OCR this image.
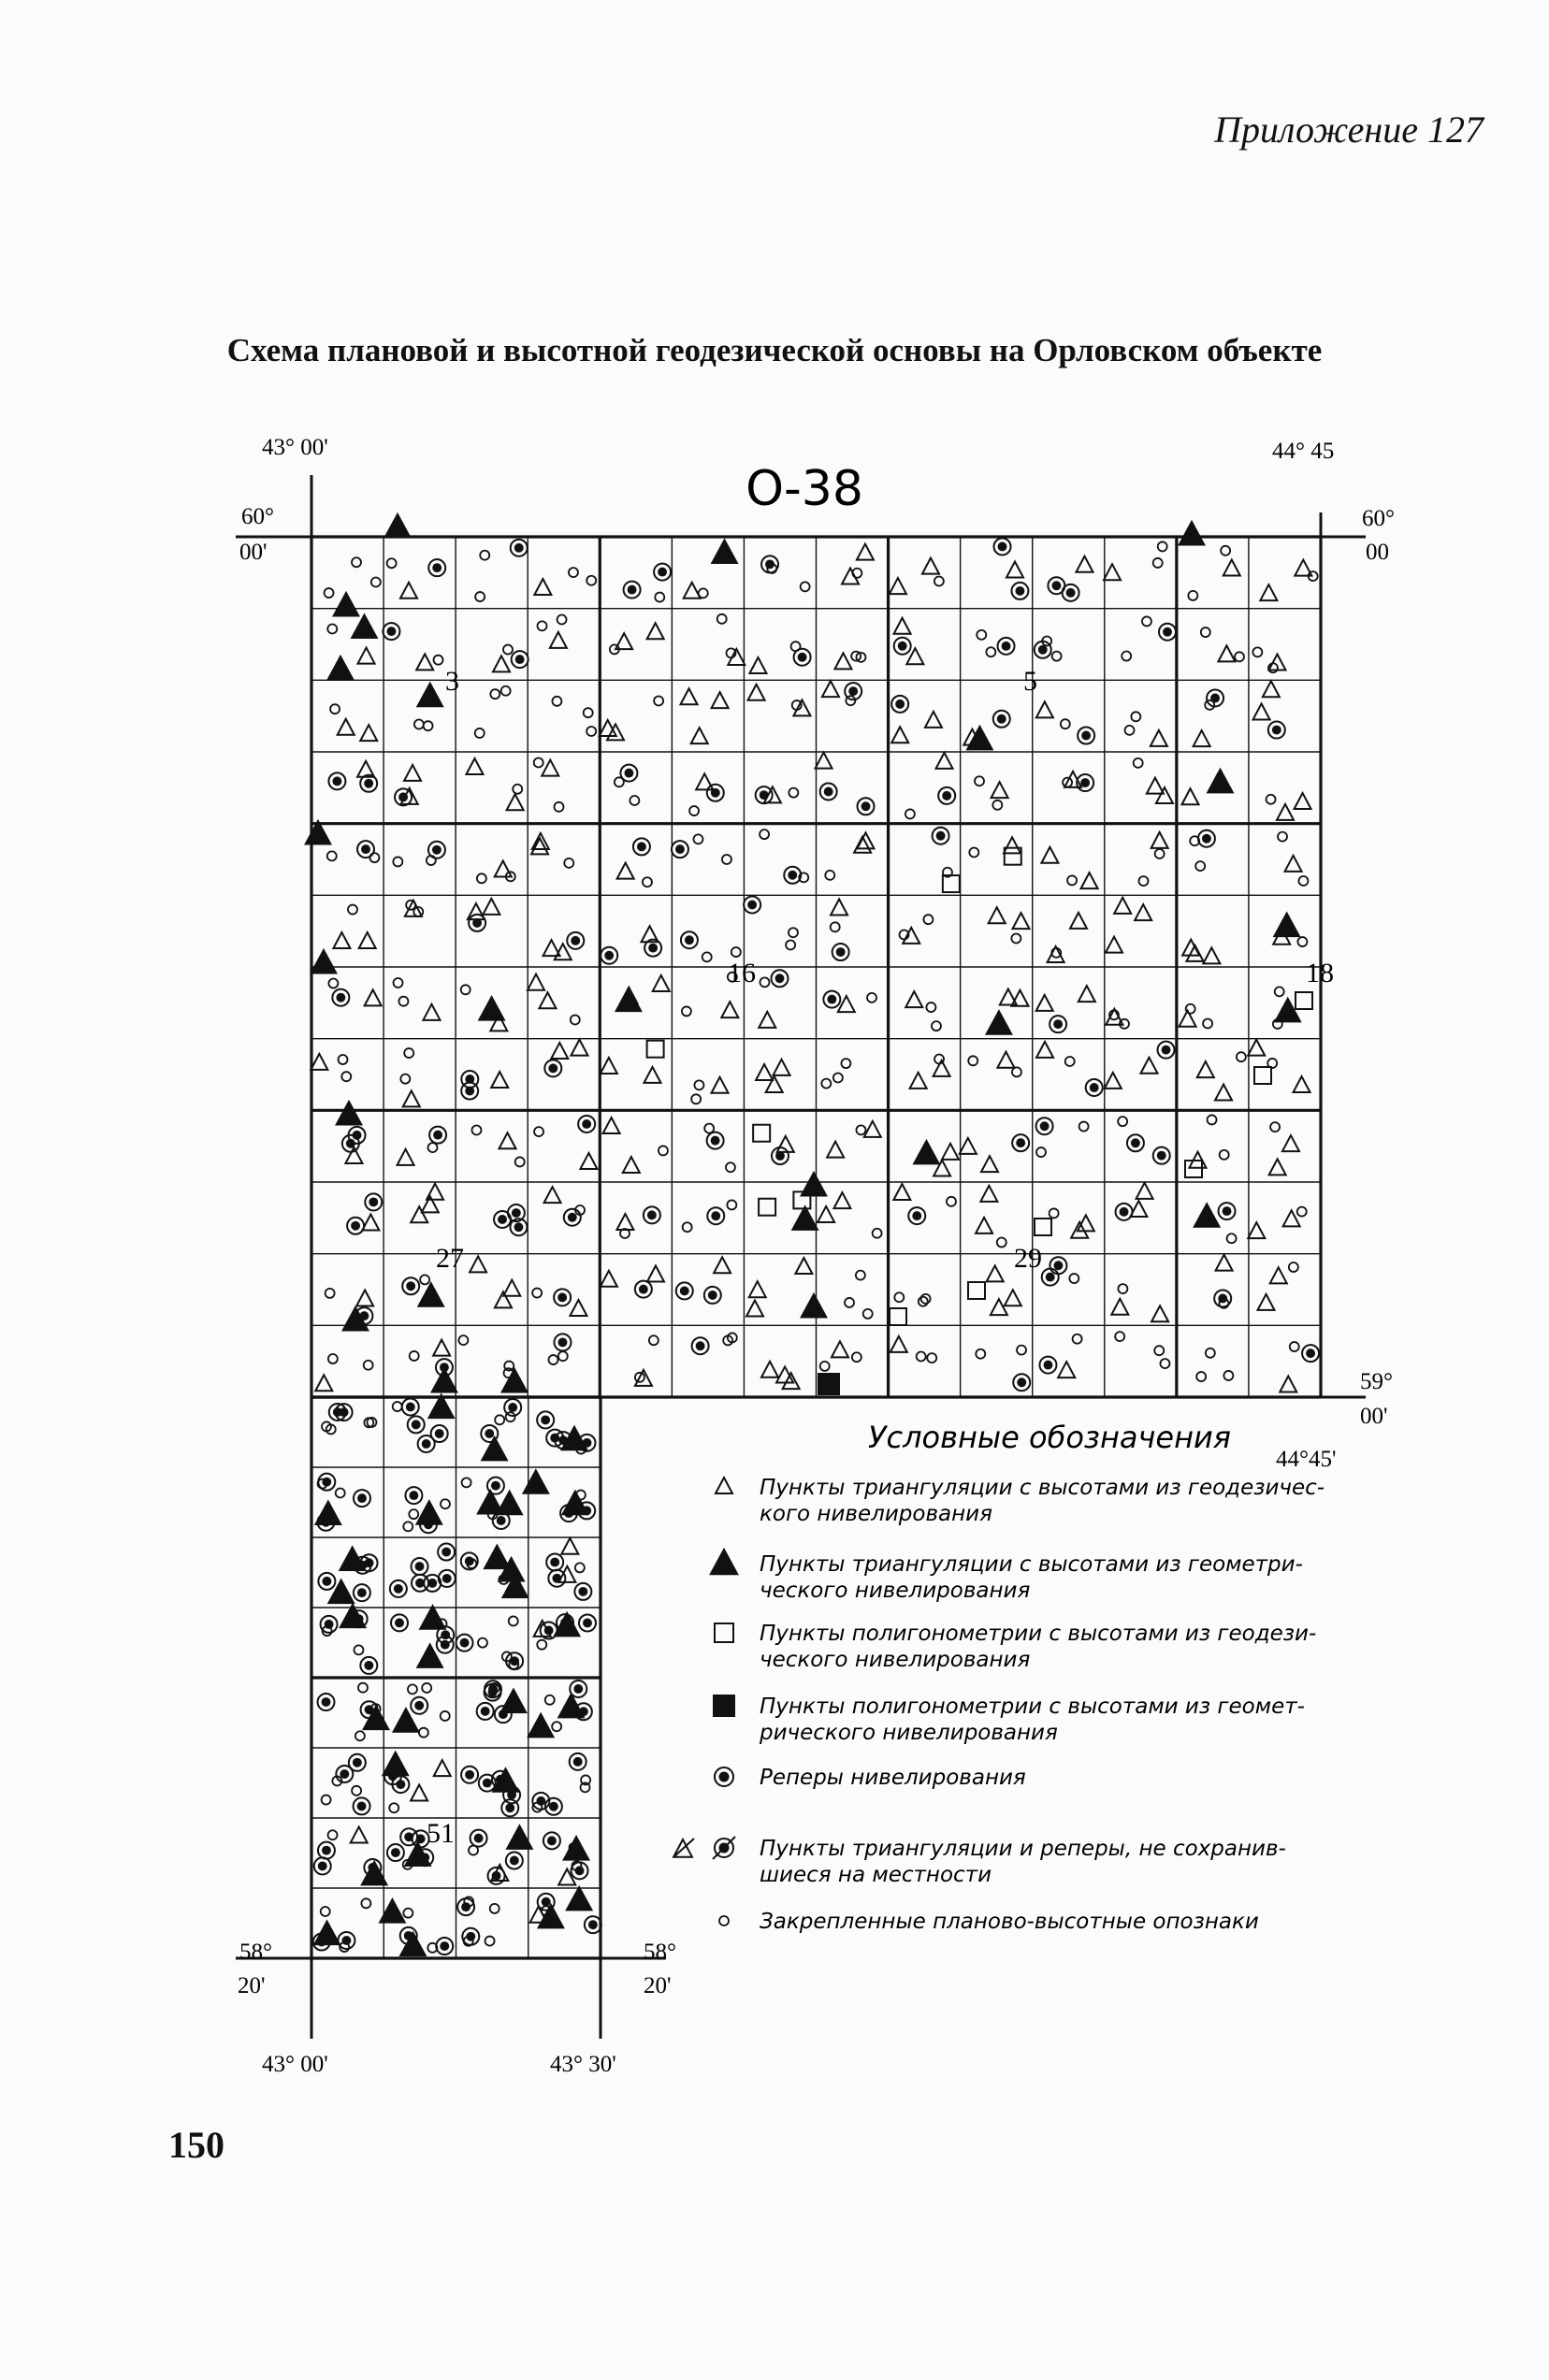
Приложение 127
Схема плановой и высотной геодезической основы на Орловском объекте
О-38
43° 00'	44° 45
60°
00'
60°
00
59°
00'
44°45'
58°
20'
58°
20'
43° 00'	43° 30'
3	5
16	18
27	29
51
Условные обозначения
Пункты триангуляции с высотами из геодезичес-
кого нивелирования
Пункты триангуляции с высотами из геометри-
ческого нивелирования
Пункты полигонометрии с высотами из геодези-
ческого нивелирования
Пункты полигонометрии с высотами из геомет-
рического нивелирования
Реперы нивелирования
Пункты триангуляции и реперы, не сохранив-
шиеся на местности
Закрепленные планово-высотные опознаки
150
